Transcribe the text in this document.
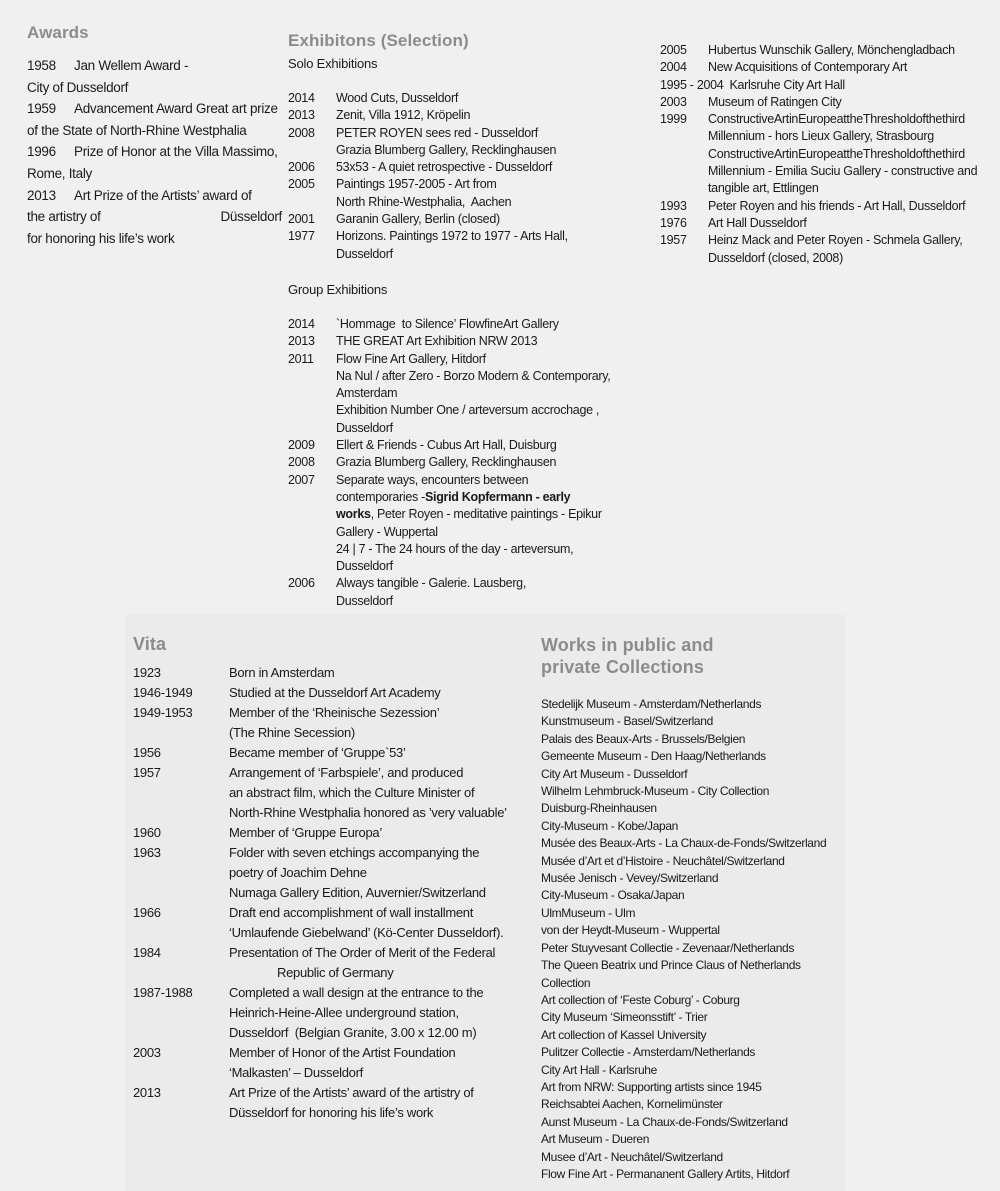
Awards
1958 Jan Wellem Award -
City of Dusseldorf
1959 Advancement Award Great art prize
of the State of North-Rhine Westphalia
1996 Prize of Honor at the Villa Massimo,
Rome, Italy
2013 Art Prize of the Artists’ award of
the artistry of	Düsseldorf
for honoring his life’s work
Exhibitons (Selection)
Solo Exhibitions
2014	Wood Cuts, Dusseldorf
2013	Zenit, Villa 1912, Kröpelin
2008	PETER ROYEN sees red - Dusseldorf
Grazia Blumberg Gallery, Recklinghausen
2006	53x53 - A quiet retrospective - Dusseldorf
2005	Paintings 1957-2005 - Art from
North Rhine-Westphalia,  Aachen
2001	Garanin Gallery, Berlin (closed)
1977	Horizons. Paintings 1972 to 1977 - Arts Hall,
Dusseldorf
Group Exhibitions
2014	`Hommage  to Silence’ FlowfineArt Gallery
2013	THE GREAT Art Exhibition NRW 2013
2011	Flow Fine Art Gallery, Hitdorf
Na Nul / after Zero - Borzo Modern & Contemporary,
Amsterdam
Exhibition Number One / arteversum accrochage ,
Dusseldorf
2009	Ellert & Friends - Cubus Art Hall, Duisburg
2008	Grazia Blumberg Gallery, Recklinghausen
2007	Separate ways, encounters between
contemporaries -Sigrid Kopfermann - early
works, Peter Royen - meditative paintings - Epikur
Gallery - Wuppertal
24 | 7 - The 24 hours of the day - arteversum,
Dusseldorf
2006	Always tangible - Galerie. Lausberg,
Dusseldorf
2005	Hubertus Wunschik Gallery, Mönchengladbach
2004	New Acquisitions of Contemporary Art
1995 - 2004 Karlsruhe City Art Hall
2003	Museum of Ratingen City
1999	ConstructiveArtinEuropeattheThresholdofthethird
Millennium - hors Lieux Gallery, Strasbourg
ConstructiveArtinEuropeattheThresholdofthethird
Millennium - Emilia Suciu Gallery - constructive and
tangible art, Ettlingen
1993	Peter Royen and his friends - Art Hall, Dusseldorf
1976	Art Hall Dusseldorf
1957	Heinz Mack and Peter Royen - Schmela Gallery,
Dusseldorf (closed, 2008)
Vita
1923	Born in Amsterdam
1946-1949	Studied at the Dusseldorf Art Academy
1949-1953	Member of the ‘Rheinische Sezession’
(The Rhine Secession)
1956	Became member of ‘Gruppe`53’
1957	Arrangement of ‘Farbspiele’, and produced
an abstract film, which the Culture Minister of
North-Rhine Westphalia honored as ’very valuable’
1960	Member of ‘Gruppe Europa’
1963	Folder with seven etchings accompanying the
poetry of Joachim Dehne
Numaga Gallery Edition, Auvernier/Switzerland
1966	Draft end accomplishment of wall installment
‘Umlaufende Giebelwand’ (Kö-Center Dusseldorf).
1984	Presentation of The Order of Merit of the Federal
Republic of Germany
1987-1988	Completed a wall design at the entrance to the
Heinrich-Heine-Allee underground station,
Dusseldorf  (Belgian Granite, 3.00 x 12.00 m)
2003	Member of Honor of the Artist Foundation
‘Malkasten’ – Dusseldorf
2013	Art Prize of the Artists’ award of the artistry of
Düsseldorf for honoring his life’s work
Works in public and
private Collections
Stedelijk Museum - Amsterdam/Netherlands
Kunstmuseum - Basel/Switzerland
Palais des Beaux-Arts - Brussels/Belgien
Gemeente Museum - Den Haag/Netherlands
City Art Museum - Dusseldorf
Wilhelm Lehmbruck-Museum - City Collection
Duisburg-Rheinhausen
City-Museum - Kobe/Japan
Musée des Beaux-Arts - La Chaux-de-Fonds/Switzerland
Musée d’Art et d’Histoire - Neuchâtel/Switzerland
Musée Jenisch - Vevey/Switzerland
City-Museum - Osaka/Japan
UlmMuseum - Ulm
von der Heydt-Museum - Wuppertal
Peter Stuyvesant Collectie - Zevenaar/Netherlands
The Queen Beatrix und Prince Claus of Netherlands Collection
Art collection of ‘Feste Coburg’ - Coburg
City Museum ‘Simeonsstift’ - Trier
Art collection of Kassel University
Pulitzer Collectie - Amsterdam/Netherlands
City Art Hall - Karlsruhe
Art from NRW: Supporting artists since 1945
Reichsabtei Aachen, Kornelimünster
Aunst Museum - La Chaux-de-Fonds/Switzerland
Art Museum - Dueren
Musee d’Art - Neuchâtel/Switzerland
Flow Fine Art - Permananent Gallery Artits, Hitdorf
